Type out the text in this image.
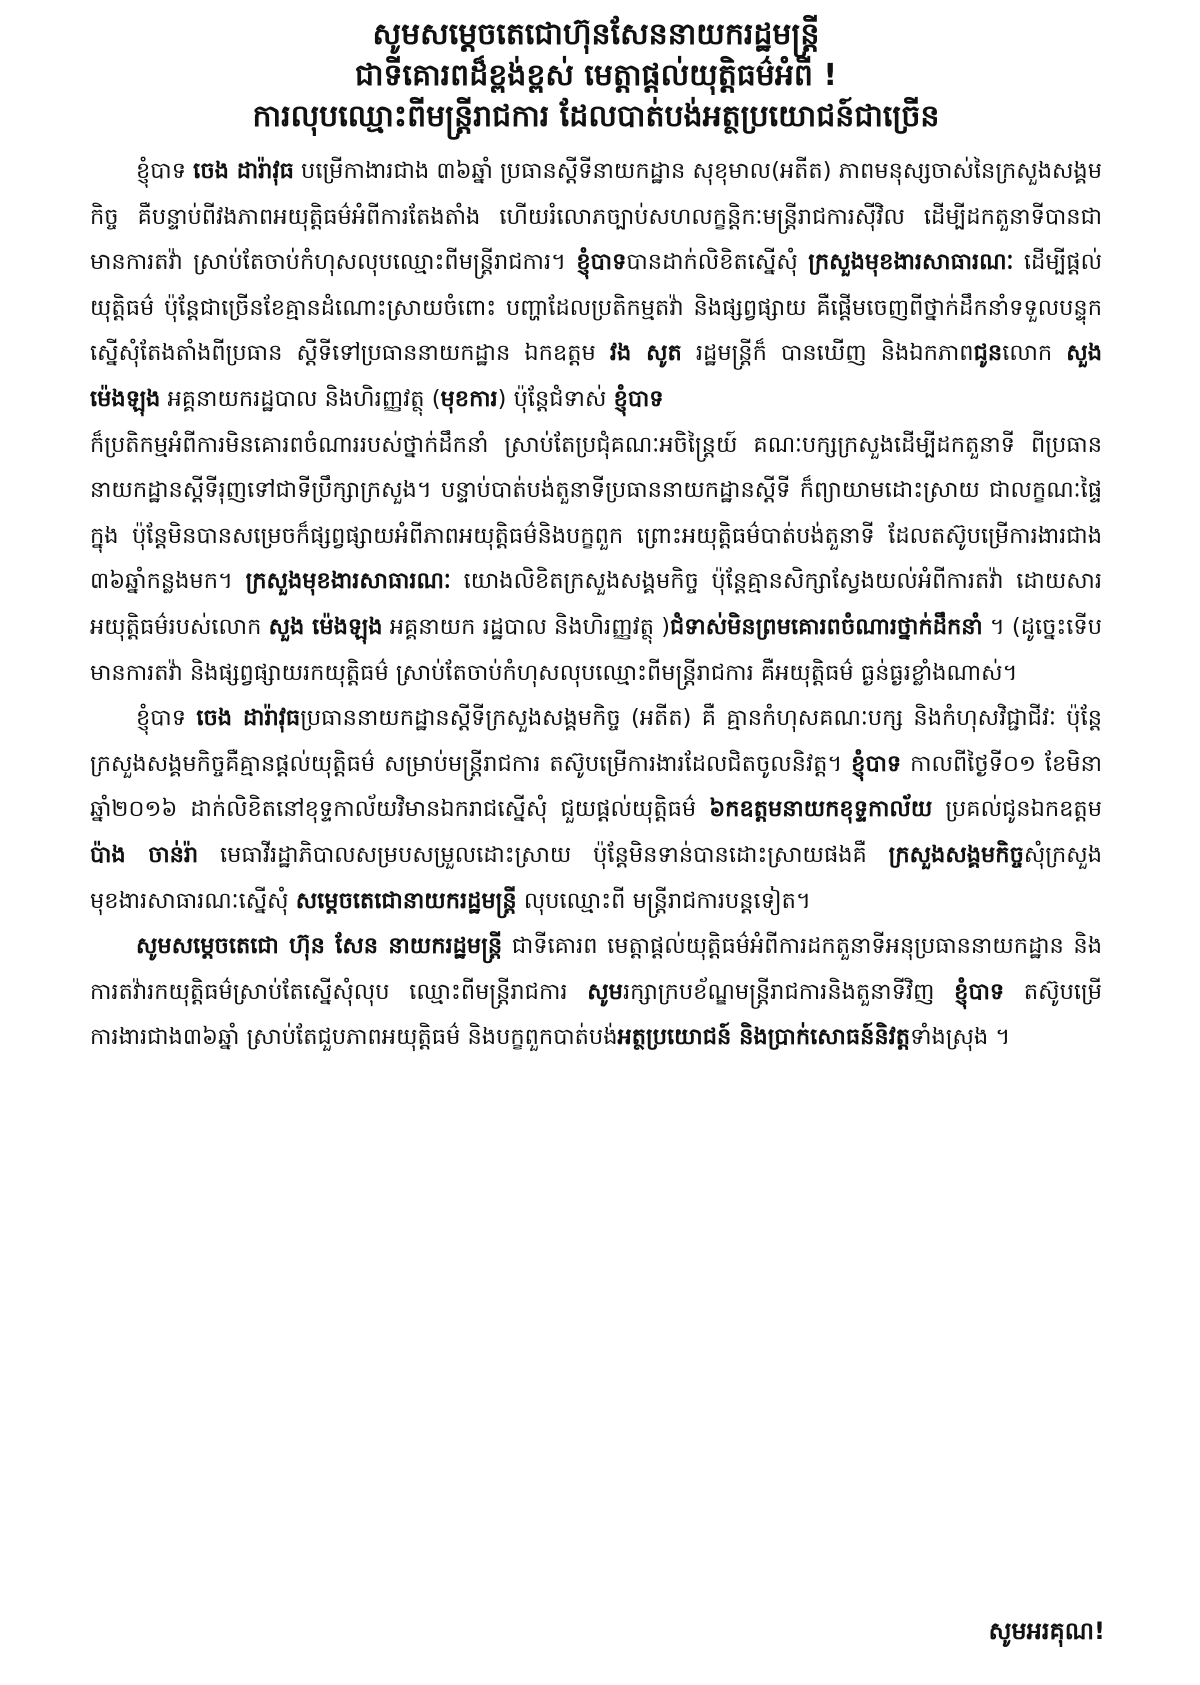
សូមសម្ដេចតេជោហ៊ុនសែននាយករដ្ឋមន្រ្តី

ជាទីគោរពដ៏ខ្ពង់ខ្ពស់ មេត្តាផ្ដល់យុត្តិធម៌អំពី !

ការលុបឈ្មោះពីមន្រ្តីរាជការ ដែលបាត់បង់អត្ថប្រយោជន៍ជាច្រើន

ខ្ញុំបាទ ចេង ដារ៉ាវុធ បម្រើកាងារជាង ៣៦ឆ្នាំ ប្រធានស្ដីទីនាយកដ្ឋាន សុខុមាល(អតីត) ភាពមនុស្សចាស់នៃក្រសួងសង្គមកិច្ច គឺបន្ទាប់ពីវងភាពអយុត្តិធម៌អំពីការតែងតាំង ហើយរំលោភច្បាប់សហលក្ខន្តិកៈមន្រ្តីរាជការស៊ីវិល ដើម្បីដកតួនាទីបានជាមានការតវ៉ា ស្រាប់តែចាប់កំហុសលុបឈ្មោះពីមន្រ្តីរាជការ។ ខ្ញុំបាទបានដាក់លិខិតស្នើសុំ ក្រសួងមុខងារសាធារណៈ ដើម្បីផ្ដល់យុត្តិធម៌ ប៉ុន្តែជាច្រើនខែគ្មានដំណោះស្រាយចំពោះ បញ្ហាដែលប្រតិកម្មតវ៉ា និងផ្សព្វផ្សាយ គឺផ្ដើមចេញពីថ្នាក់ដឹកនាំទទួលបន្ទុក ស្នើសុំតែងតាំងពីប្រធាន ស្ដីទីទៅប្រធាននាយកដ្ឋាន ឯកឧត្តម វង សូត រដ្ឋមន្រ្តីក៏ បានឃើញ និងឯកភាពជូនលោក សួង ម៉េងឡុង អគ្គនាយករដ្ឋបាល និងហិរញ្ញវត្ថុ (មុខការ) ប៉ុន្តែជំទាស់ ខ្ញុំបាទ

ក៏ប្រតិកម្មអំពីការមិនគោរពចំណាររបស់ថ្នាក់ដឹកនាំ ស្រាប់តែប្រជុំគណៈអចិន្រ្តៃយ៍ គណៈបក្សក្រសួងដើម្បីដកតួនាទី ពីប្រធាននាយកដ្ឋានស្ដីទីរុញទៅជាទីប្រឹក្សាក្រសួង។ បន្ទាប់បាត់បង់តួនាទីប្រធាននាយកដ្ឋានស្ដីទី ក៏ព្យាយាមដោះស្រាយ ជាលក្ខណៈផ្ទៃក្នុង ប៉ុន្តែមិនបានសម្រេចក៏ផ្សព្វផ្សាយអំពីភាពអយុត្តិធម៌និងបក្ខពួក ព្រោះអយុត្តិធម៌បាត់បង់តួនាទី ដែលតស៊ូបម្រើការងារជាង ៣៦ឆ្នាំកន្លងមក។ ក្រសួងមុខងារសាធារណៈ យោងលិខិតក្រសួងសង្គមកិច្ច ប៉ុន្តែគ្មានសិក្សាស្វែងយល់អំពីការតវ៉ា ដោយសារអយុត្តិធម៌របស់លោក សួង ម៉េងឡុង អគ្គនាយក រដ្ឋបាល និងហិរញ្ញវត្ថុ )ជំទាស់មិនព្រមគោរពចំណារថ្នាក់ដឹកនាំ ។ (ដូច្នេះទើបមានការតវ៉ា និងផ្សព្វផ្សាយរកយុត្តិធម៌ ស្រាប់តែចាប់កំហុសលុបឈ្មោះពីមន្រ្តីរាជការ គឺអយុត្តិធម៌ ធ្ងន់ធ្ងរខ្លាំងណាស់។

ខ្ញុំបាទ ចេង ដារ៉ាវុធប្រធាននាយកដ្ឋានស្ដីទីក្រសួងសង្គមកិច្ច (អតីត) គឺ គ្មានកំហុសគណៈបក្ស និងកំហុសវិជ្ជាជីវៈ ប៉ុន្តែក្រសួងសង្គមកិច្ចគឺគ្មានផ្ដល់យុត្តិធម៌ សម្រាប់មន្រ្តីរាជការ តស៊ូបម្រើការងារដែលជិតចូលនិវត្ត។ ខ្ញុំបាទ កាលពីថ្ងៃទី០១ ខែមិនាឆ្នាំ២០១៦ ដាក់លិខិតនៅខុទ្ទកាល័យវិមានឯករាជស្នើសុំ ជួយផ្ដល់យុត្តិធម៌ ៦កឧត្តមនាយកខុទ្ទកាល័យ ប្រគល់ជូនឯកឧត្តម ប៉ាង ចាន់រ៉ា មេធាវីរដ្ឋាភិបាលសម្របសម្រួលដោះស្រាយ ប៉ុន្តែមិនទាន់បានដោះស្រាយផងគឺ ក្រសួងសង្គមកិច្ចសុំក្រសួងមុខងារសាធារណៈស្នើសុំ សម្ដេចតេជោនាយករដ្ឋមន្រ្តី លុបឈ្មោះពី មន្រ្តីរាជការបន្តទៀត។

សូមសម្ដេចតេជោ ហ៊ុន សែន នាយករដ្ឋមន្រ្តី ជាទីគោរព មេត្តាផ្ដល់យុត្តិធម៌អំពីការដកតួនាទីអនុប្រធាននាយកដ្ឋាន និងការតវ៉ារកយុត្តិធម៌ស្រាប់តែស្នើសុំលុប ឈ្មោះពីមន្រ្តីរាជការ សូមរក្សាក្របខ័ណ្ឌមន្រ្តីរាជការនិងតួនាទីវិញ ខ្ញុំបាទ តស៊ូបម្រើការងារជាង៣៦ឆ្នាំ ស្រាប់តែជួបភាពអយុត្តិធម៌ និងបក្ខពួកបាត់បង់អត្ថប្រយោជន៍ និងប្រាក់សោធន៍និវត្តទាំងស្រុង ។

សូមអរគុណ!
